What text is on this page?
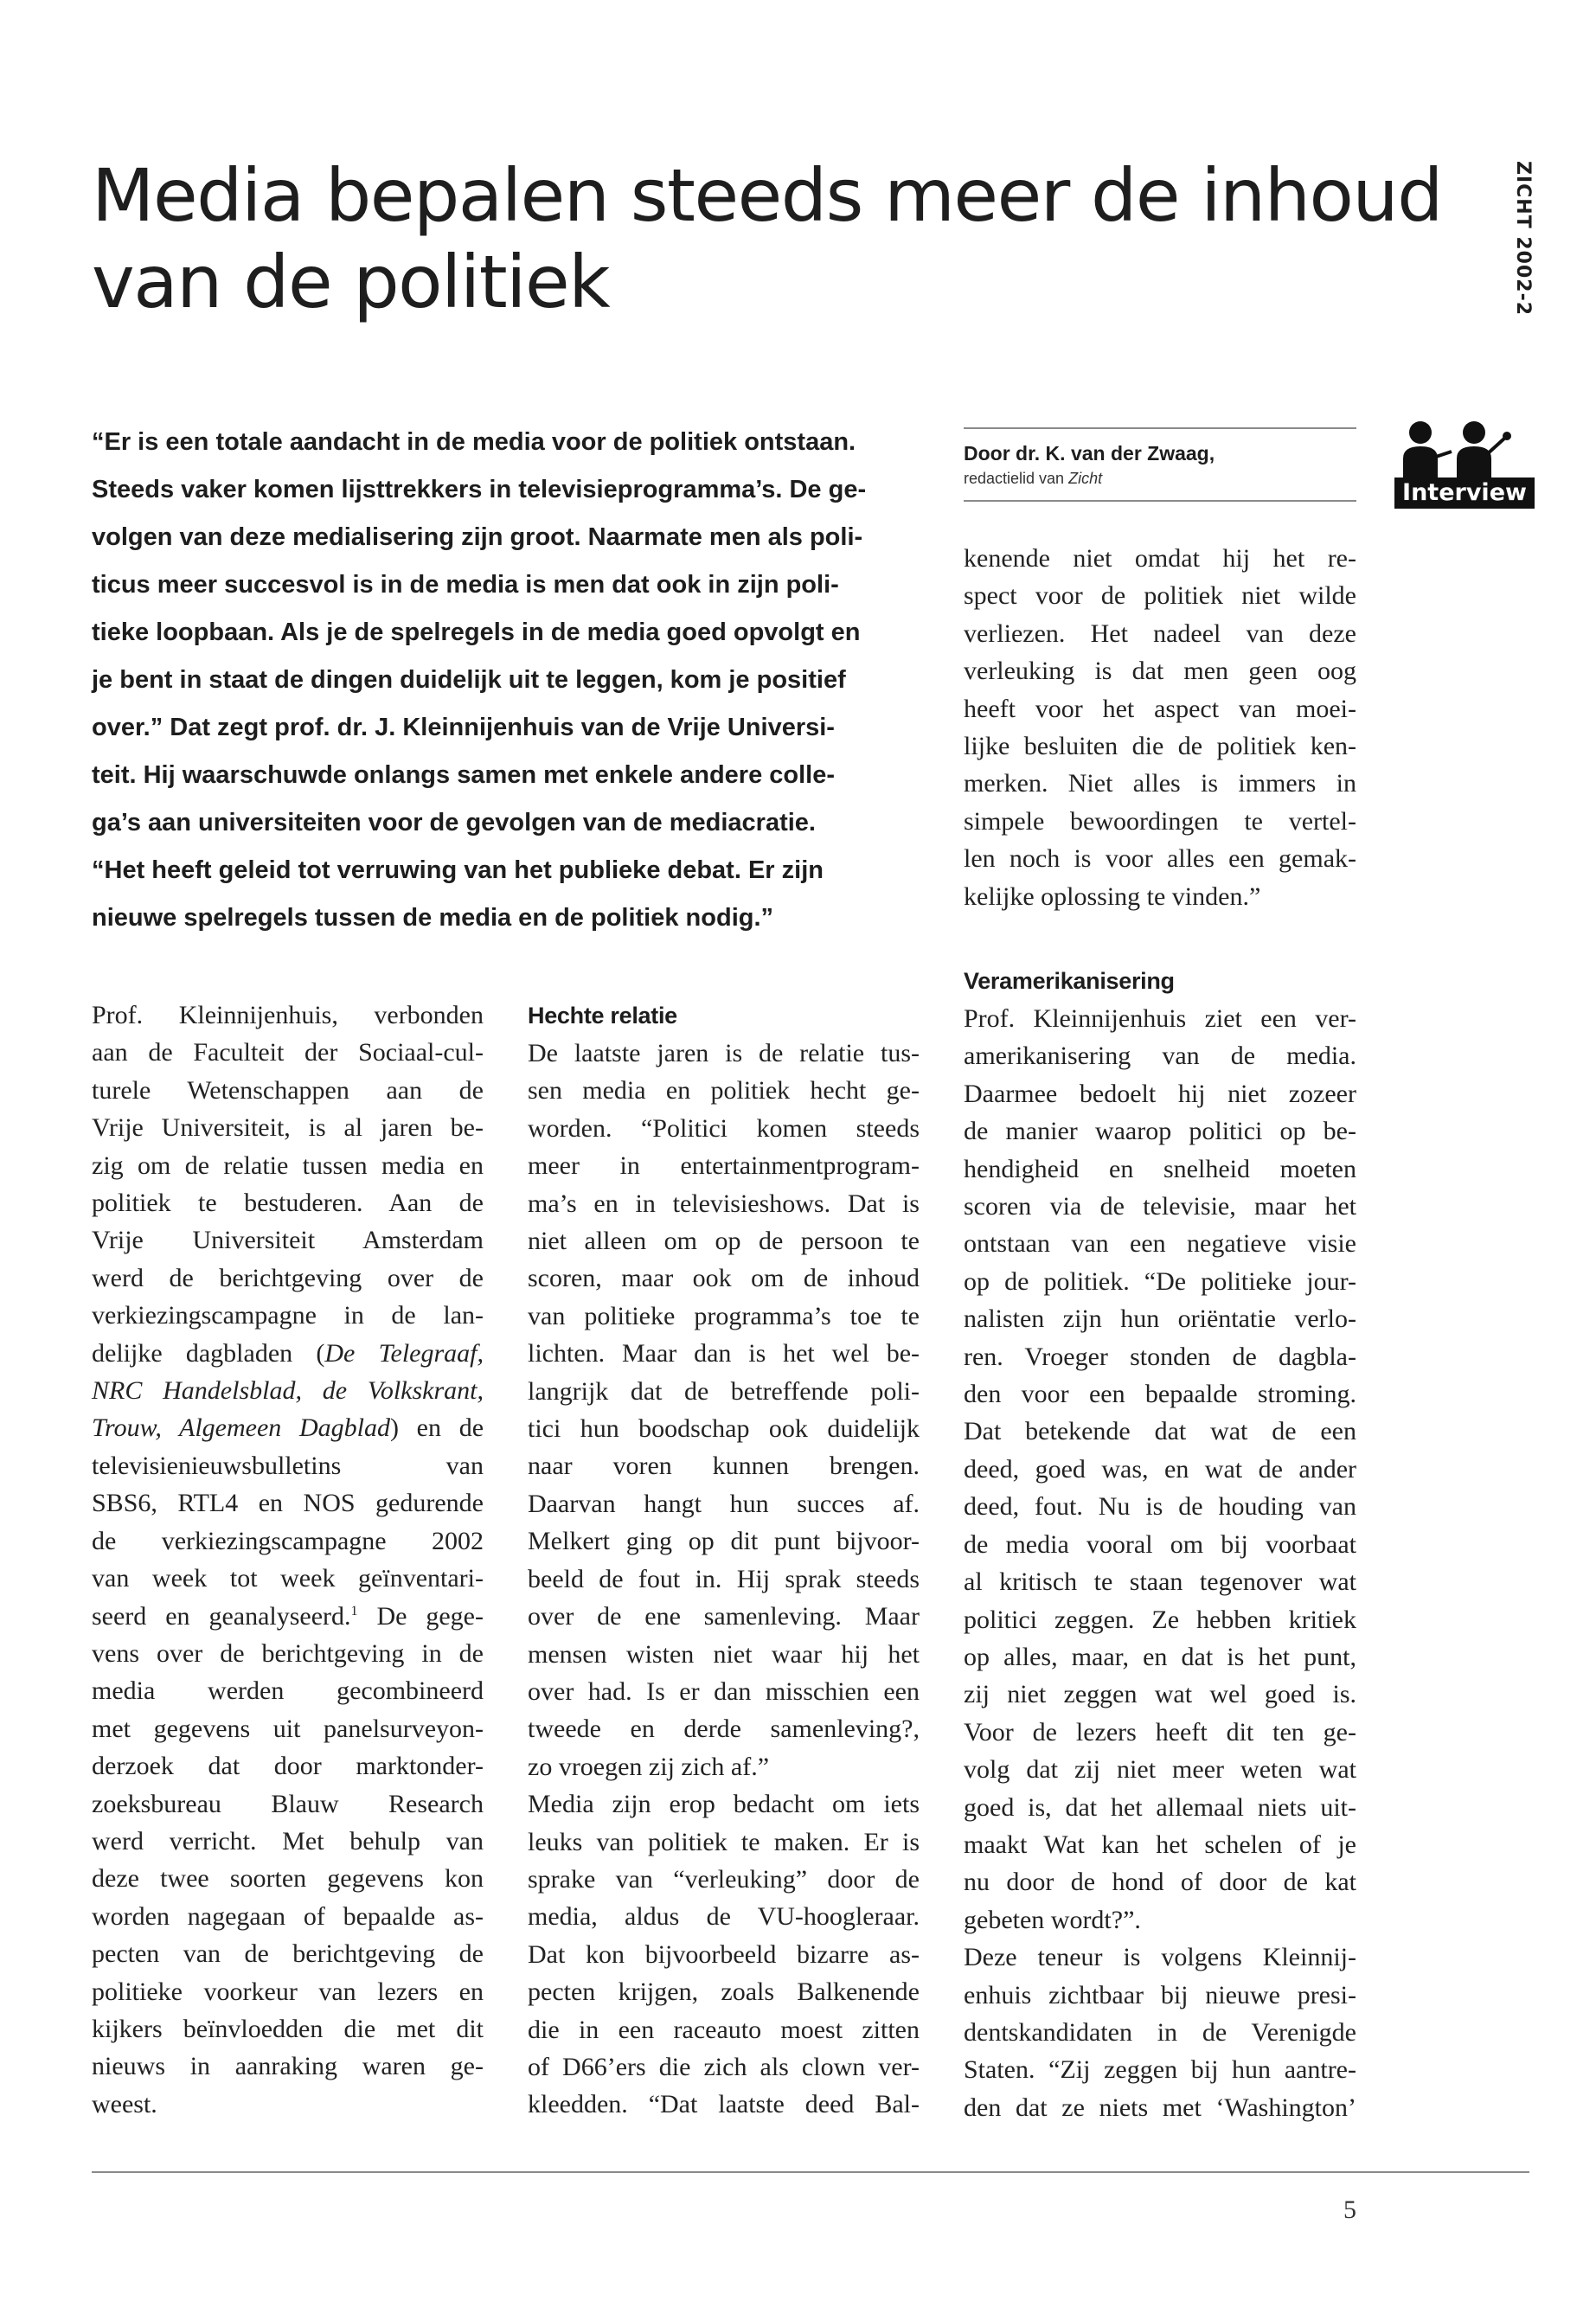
Media bepalen steeds meer de inhoud
van de politiek	ZICHT 2002-2
Interview
“Er is een totale aandacht in de media voor de politiek ontstaan.
Steeds vaker komen lijsttrekkers in televisieprogramma’s. De ge-
volgen van deze medialisering zijn groot. Naarmate men als poli-
ticus meer succesvol is in de media is men dat ook in zijn poli-
tieke loopbaan. Als je de spelregels in de media goed opvolgt en
je bent in staat de dingen duidelijk uit te leggen, kom je positief
over.” Dat zegt prof. dr. J. Kleinnijenhuis van de Vrije Universi-
teit. Hij waarschuwde onlangs samen met enkele andere colle-
ga’s aan universiteiten voor de gevolgen van de mediacratie.
“Het heeft geleid tot verruwing van het publieke debat. Er zijn
nieuwe spelregels tussen de media en de politiek nodig.”
Door dr. K. van der Zwaag,
redactielid van Zicht
Prof. Kleinnijenhuis, verbonden
aan de Faculteit der Sociaal-cul-
turele Wetenschappen aan de
Vrije Universiteit, is al jaren be-
zig om de relatie tussen media en
politiek te bestuderen. Aan de
Vrije Universiteit Amsterdam
werd de berichtgeving over de
verkiezingscampagne in de lan-
delijke dagbladen (De Telegraaf,
NRC Handelsblad, de Volkskrant,
Trouw, Algemeen Dagblad) en de
televisienieuwsbulletins van
SBS6, RTL4 en NOS gedurende
de verkiezingscampagne 2002
van week tot week geïnventari-
seerd en geanalyseerd.$^1$ De gege-
vens over de berichtgeving in de
media werden gecombineerd
met gegevens uit panelsurveyon-
derzoek dat door marktonder-
zoeksbureau Blauw Research
werd verricht. Met behulp van
deze twee soorten gegevens kon
worden nagegaan of bepaalde as-
pecten van de berichtgeving de
politieke voorkeur van lezers en
kijkers beïnvloedden die met dit
nieuws in aanraking waren ge-
weest.
Hechte relatie
De laatste jaren is de relatie tus-
sen media en politiek hecht ge-
worden. “Politici komen steeds
meer in entertainmentprogram-
ma’s en in televisieshows. Dat is
niet alleen om op de persoon te
scoren, maar ook om de inhoud
van politieke programma’s toe te
lichten. Maar dan is het wel be-
langrijk dat de betreffende poli-
tici hun boodschap ook duidelijk
naar voren kunnen brengen.
Daarvan hangt hun succes af.
Melkert ging op dit punt bijvoor-
beeld de fout in. Hij sprak steeds
over de ene samenleving. Maar
mensen wisten niet waar hij het
over had. Is er dan misschien een
tweede en derde samenleving?,
zo vroegen zij zich af.”
Media zijn erop bedacht om iets
leuks van politiek te maken. Er is
sprake van “verleuking” door de
media, aldus de VU-hoogleraar.
Dat kon bijvoorbeeld bizarre as-
pecten krijgen, zoals Balkenende
die in een raceauto moest zitten
of D66’ers die zich als clown ver-
kleedden. “Dat laatste deed Bal-
kenende niet omdat hij het re-
spect voor de politiek niet wilde
verliezen. Het nadeel van deze
verleuking is dat men geen oog
heeft voor het aspect van moei-
lijke besluiten die de politiek ken-
merken. Niet alles is immers in
simpele bewoordingen te vertel-
len noch is voor alles een gemak-
kelijke oplossing te vinden.”
Veramerikanisering
Prof. Kleinnijenhuis ziet een ver-
amerikanisering van de media.
Daarmee bedoelt hij niet zozeer
de manier waarop politici op be-
hendigheid en snelheid moeten
scoren via de televisie, maar het
ontstaan van een negatieve visie
op de politiek. “De politieke jour-
nalisten zijn hun oriëntatie verlo-
ren. Vroeger stonden de dagbla-
den voor een bepaalde stroming.
Dat betekende dat wat de een
deed, goed was, en wat de ander
deed, fout. Nu is de houding van
de media vooral om bij voorbaat
al kritisch te staan tegenover wat
politici zeggen. Ze hebben kritiek
op alles, maar, en dat is het punt,
zij niet zeggen wat wel goed is.
Voor de lezers heeft dit ten ge-
volg dat zij niet meer weten wat
goed is, dat het allemaal niets uit-
maakt Wat kan het schelen of je
nu door de hond of door de kat
gebeten wordt?”.
Deze teneur is volgens Kleinnij-
enhuis zichtbaar bij nieuwe presi-
dentskandidaten in de Verenigde
Staten. “Zij zeggen bij hun aantre-
den dat ze niets met ‘Washington’
5
